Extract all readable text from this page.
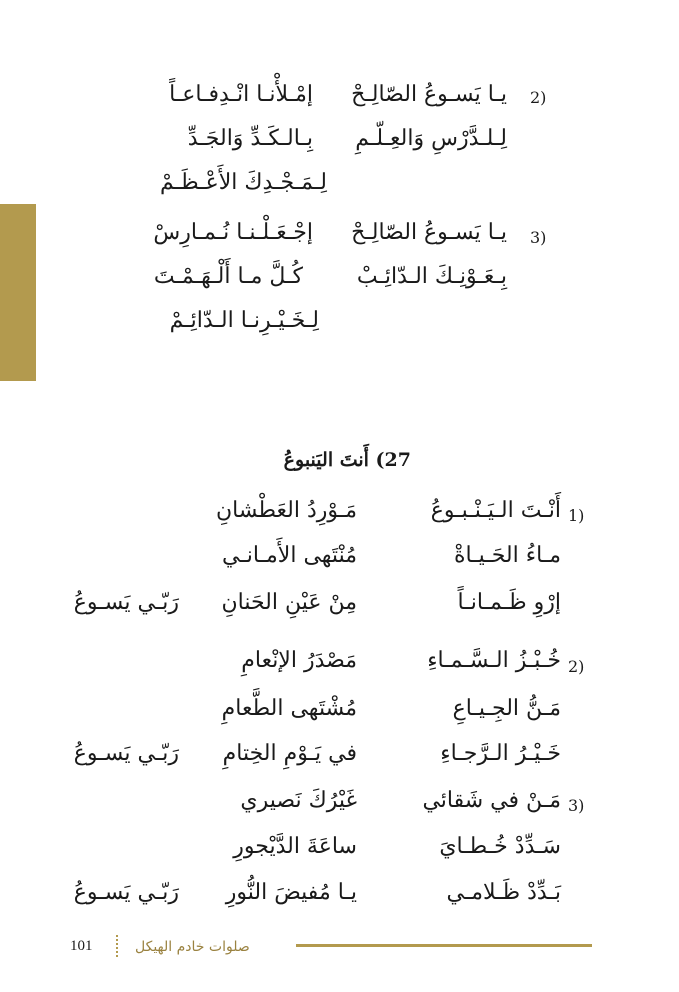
2)
يـا يَسـوعُ الصّالِـحْ
إمْـلأْنـا انْـدِفـاعـاً
لِـلـدَّرْسِ وَالعِـلّـمِ
بِـالـكَـدِّ وَالجَـدِّ
لِـمَـجْـدِكَ الأَعْـظَـمْ
3)
يـا يَسـوعُ الصّالِـحْ
إجْـعَـلْـنـا نُـمـارِسْ
بِـعَـوْنِـكَ الـدّائِـبْ
كُـلَّ مـا أَلْـهَـمْـتَ
لِـخَـيْـرِنـا الـدّائِـمْ
27) أَنتَ اليَنبوعُ
1)
أَنْـتَ الـيَـنْـبـوعُ
مَـوْرِدُ العَطْشانِ
مـاءُ الحَـيـاةْ
مُنْتَهى الأَمـانـي
إرْوِ ظَـمـانـاً
مِنْ عَيْنِ الحَنانِ
رَبّـي يَسـوعُ
2)
خُـبْـزُ الـسَّـمـاءِ
مَصْدَرُ الإنْعامِ
مَـنُّ الجِـيـاعِ
مُشْتَهى الطَّعامِ
خَـيْـرُ الـرَّجـاءِ
في يَـوْمِ الخِتامِ
رَبّـي يَسـوعُ
3)
مَـنْ في شَقائي
غَيْرُكَ نَصيري
سَـدِّدْ خُـطـايَ
ساعَةَ الدَّيْجورِ
بَـدِّدْ ظَـلامـي
يـا مُفيضَ النُّورِ
رَبّـي يَسـوعُ
101	صلوات خادم الهيكل
